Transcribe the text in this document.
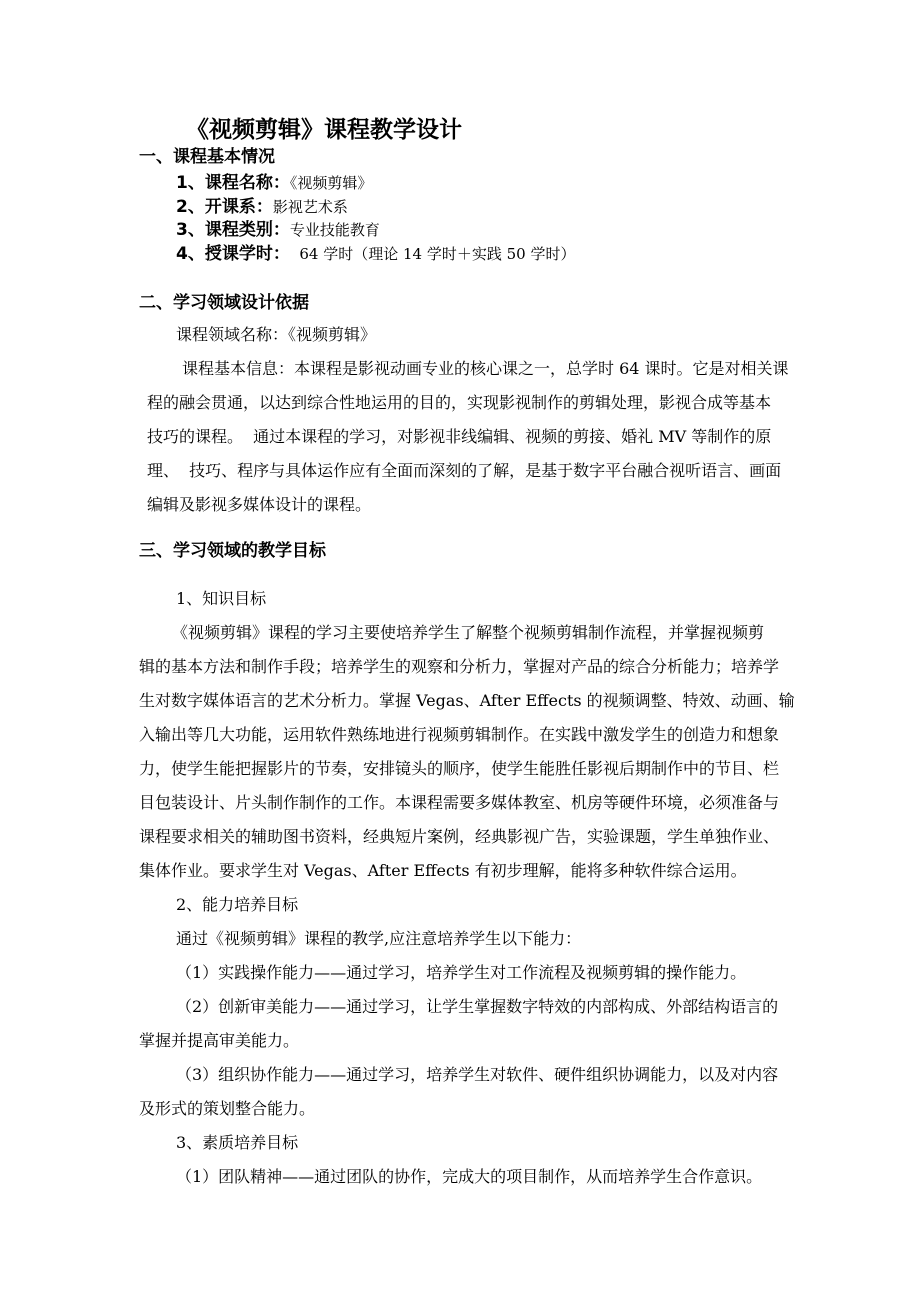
《视频剪辑》课程教学设计
一、课程基本情况
1、课程名称：《视频剪辑》
2、开课系：影视艺术系
3、课程类别：专业技能教育
4、授课学时：  64 学时（理论 14 学时＋实践 50 学时）
二、学习领域设计依据
课程领域名称：《视频剪辑》
课程基本信息：本课程是影视动画专业的核心课之一，总学时 64 课时。它是对相关课
程的融会贯通，以达到综合性地运用的目的，实现影视制作的剪辑处理，影视合成等基本
技巧的课程。  通过本课程的学习，对影视非线编辑、视频的剪接、婚礼 MV 等制作的原
理、  技巧、程序与具体运作应有全面而深刻的了解，是基于数字平台融合视听语言、画面
编辑及影视多媒体设计的课程。
三、学习领域的教学目标
1、知识目标
《视频剪辑》课程的学习主要使培养学生了解整个视频剪辑制作流程，并掌握视频剪
辑的基本方法和制作手段；培养学生的观察和分析力，掌握对产品的综合分析能力；培养学
生对数字媒体语言的艺术分析力。掌握 Vegas、After Effects 的视频调整、特效、动画、输
入输出等几大功能，运用软件熟练地进行视频剪辑制作。在实践中激发学生的创造力和想象
力，使学生能把握影片的节奏，安排镜头的顺序，使学生能胜任影视后期制作中的节目、栏
目包装设计、片头制作制作的工作。本课程需要多媒体教室、机房等硬件环境，必须准备与
课程要求相关的辅助图书资料，经典短片案例，经典影视广告，实验课题，学生单独作业、
集体作业。要求学生对 Vegas、After Effects 有初步理解，能将多种软件综合运用。
2、能力培养目标
通过《视频剪辑》课程的教学,应注意培养学生以下能力：
（1）实践操作能力——通过学习，培养学生对工作流程及视频剪辑的操作能力。
（2）创新审美能力——通过学习，让学生掌握数字特效的内部构成、外部结构语言的
掌握并提高审美能力。
（3）组织协作能力——通过学习，培养学生对软件、硬件组织协调能力，以及对内容
及形式的策划整合能力。
3、素质培养目标
（1）团队精神——通过团队的协作，完成大的项目制作，从而培养学生合作意识。
